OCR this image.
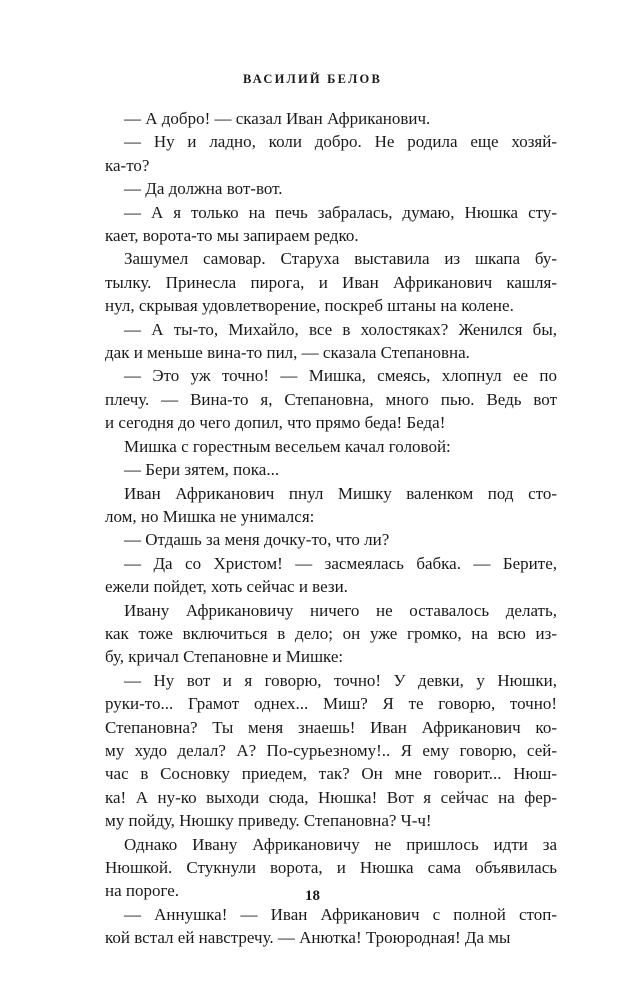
ВАСИЛИЙ БЕЛОВ

— А добро! — сказал Иван Африканович.

— Ну и ладно, коли добро. Не родила еще хозяй-
ка-то?

— Да должна вот-вот.

— А я только на печь забралась, думаю, Нюшка сту-
кает, ворота-то мы запираем редко.

Зашумел самовар. Старуха выставила из шкапа бу-
тылку. Принесла пирога, и Иван Африканович кашля-
нул, скрывая удовлетворение, поскреб штаны на колене.

— А ты-то, Михайло, все в холостяках? Женился бы,
дак и меньше вина-то пил, — сказала Степановна.

— Это уж точно! — Мишка, смеясь, хлопнул ее по
плечу. — Вина-то я, Степановна, много пью. Ведь вот
и сегодня до чего допил, что прямо беда! Беда!

Мишка с горестным весельем качал головой:

— Бери зятем, пока...

Иван Африканович пнул Мишку валенком под сто-
лом, но Мишка не унимался:

— Отдашь за меня дочку-то, что ли?

— Да со Христом! — засмеялась бабка. — Берите,
ежели пойдет, хоть сейчас и вези.

Ивану Африкановичу ничего не оставалось делать,
как тоже включиться в дело; он уже громко, на всю из-
бу, кричал Степановне и Мишке:

— Ну вот и я говорю, точно! У девки, у Нюшки,
руки-то... Грамот однех... Миш? Я те говорю, точно!
Степановна? Ты меня знаешь! Иван Африканович ко-
му худо делал? А? По-сурьезному!.. Я ему говорю, сей-
час в Сосновку приедем, так? Он мне говорит... Нюш-
ка! А ну-ко выходи сюда, Нюшка! Вот я сейчас на фер-
му пойду, Нюшку приведу. Степановна? Ч-ч!

Однако Ивану Африкановичу не пришлось идти за
Нюшкой. Стукнули ворота, и Нюшка сама объявилась
на пороге.

— Аннушка! — Иван Африканович с полной стоп-
кой встал ей навстречу. — Анютка! Троюродная! Да мы

18
